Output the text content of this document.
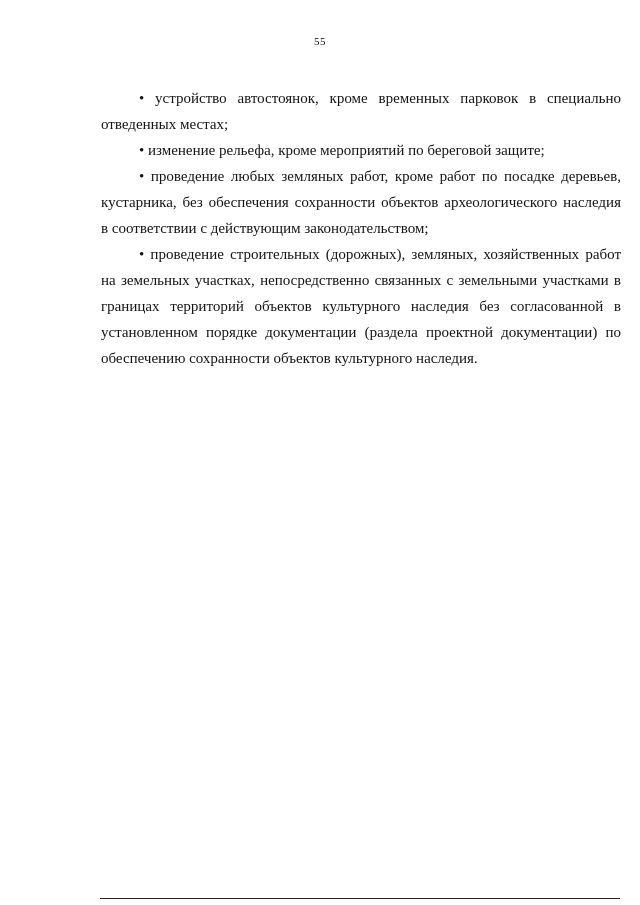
55
• устройство автостоянок, кроме временных парковок в специально
отведенных местах;
• изменение рельефа, кроме мероприятий по береговой защите;
• проведение любых земляных работ, кроме работ по посадке деревьев,
кустарника, без обеспечения сохранности объектов археологического наследия
в соответствии с действующим законодательством;
• проведение строительных (дорожных), земляных, хозяйственных работ
на земельных участках, непосредственно связанных с земельными участками в
границах территорий объектов культурного наследия без согласованной в
установленном порядке документации (раздела проектной документации) по
обеспечению сохранности объектов культурного наследия.
